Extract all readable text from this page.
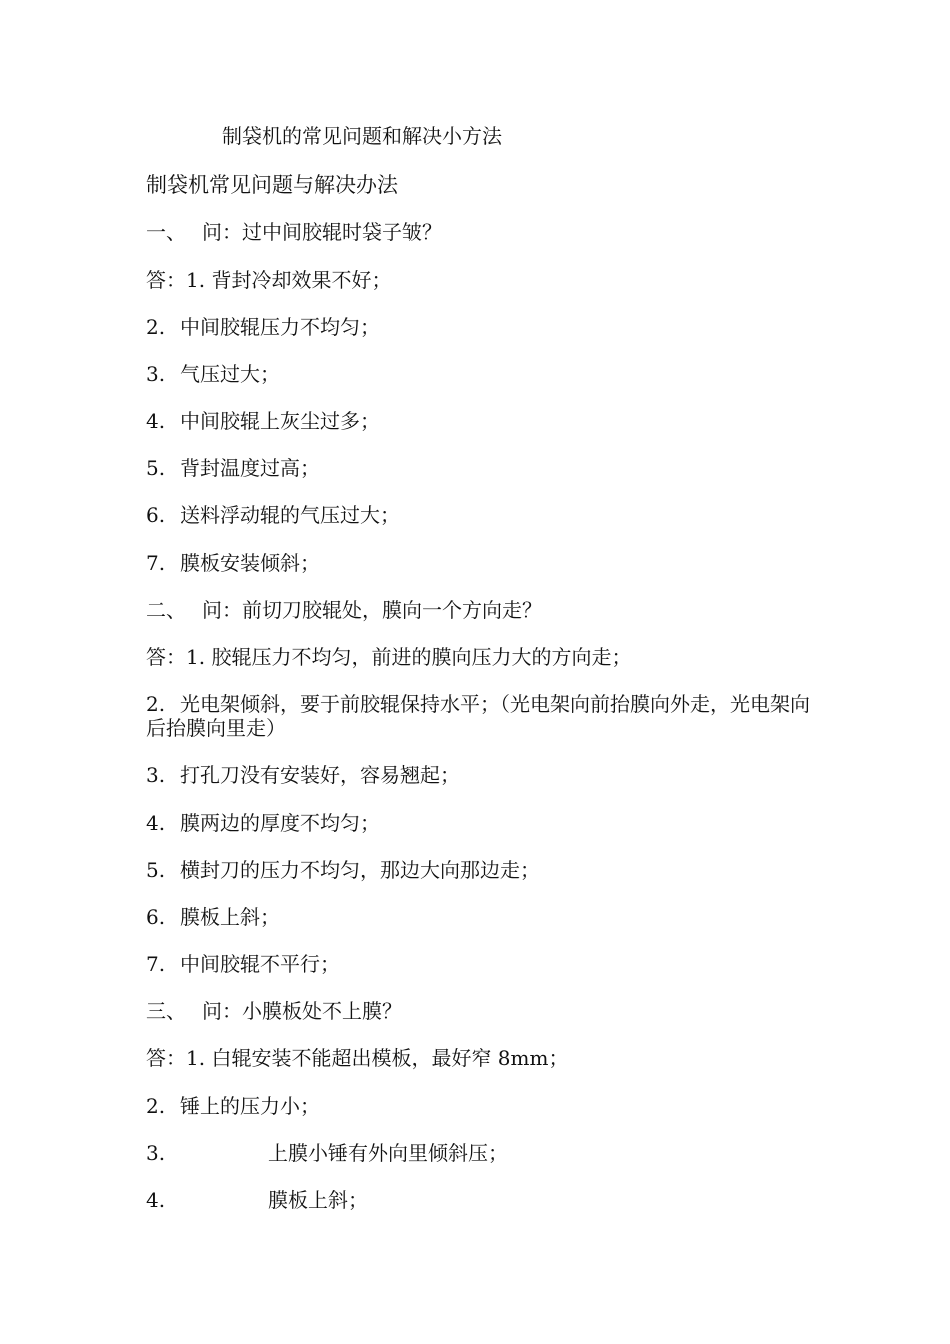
制袋机的常见问题和解决小方法
制袋机常见问题与解决办法
一、 问：过中间胶辊时袋子皱？
答：1. 背封冷却效果不好；
2. 中间胶辊压力不均匀；
3. 气压过大；
4. 中间胶辊上灰尘过多；
5. 背封温度过高；
6. 送料浮动辊的气压过大；
7. 膜板安装倾斜；
二、 问：前切刀胶辊处，膜向一个方向走？
答：1. 胶辊压力不均匀，前进的膜向压力大的方向走；
2. 光电架倾斜，要于前胶辊保持水平；（光电架向前抬膜向外走，光电架向后抬膜向里走）
3. 打孔刀没有安装好，容易翘起；
4. 膜两边的厚度不均匀；
5. 横封刀的压力不均匀，那边大向那边走；
6. 膜板上斜；
7. 中间胶辊不平行；
三、 问：小膜板处不上膜？
答：1. 白辊安装不能超出模板，最好窄 8mm；
2. 锤上的压力小；
3.	上膜小锤有外向里倾斜压；
4.	膜板上斜；
